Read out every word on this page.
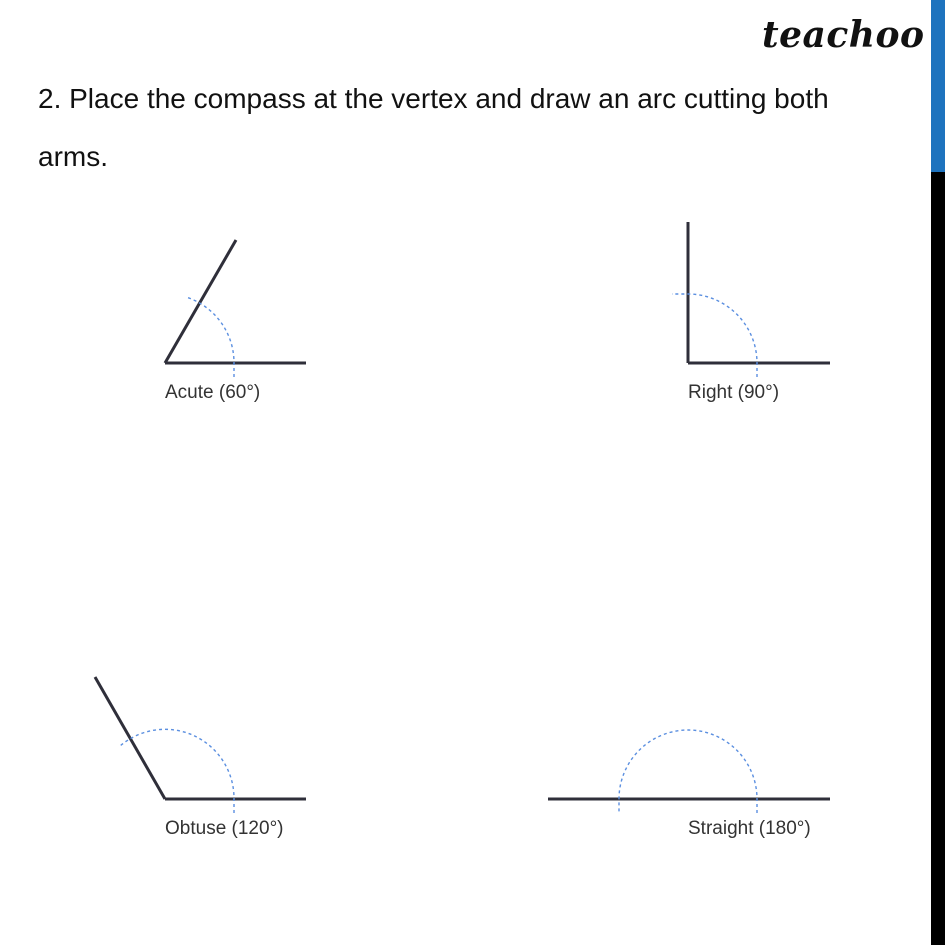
teachoo
2. Place the compass at the vertex and draw an arc cutting both arms.
Acute (60°)	Right (90°)
Obtuse (120°)	Straight (180°)
